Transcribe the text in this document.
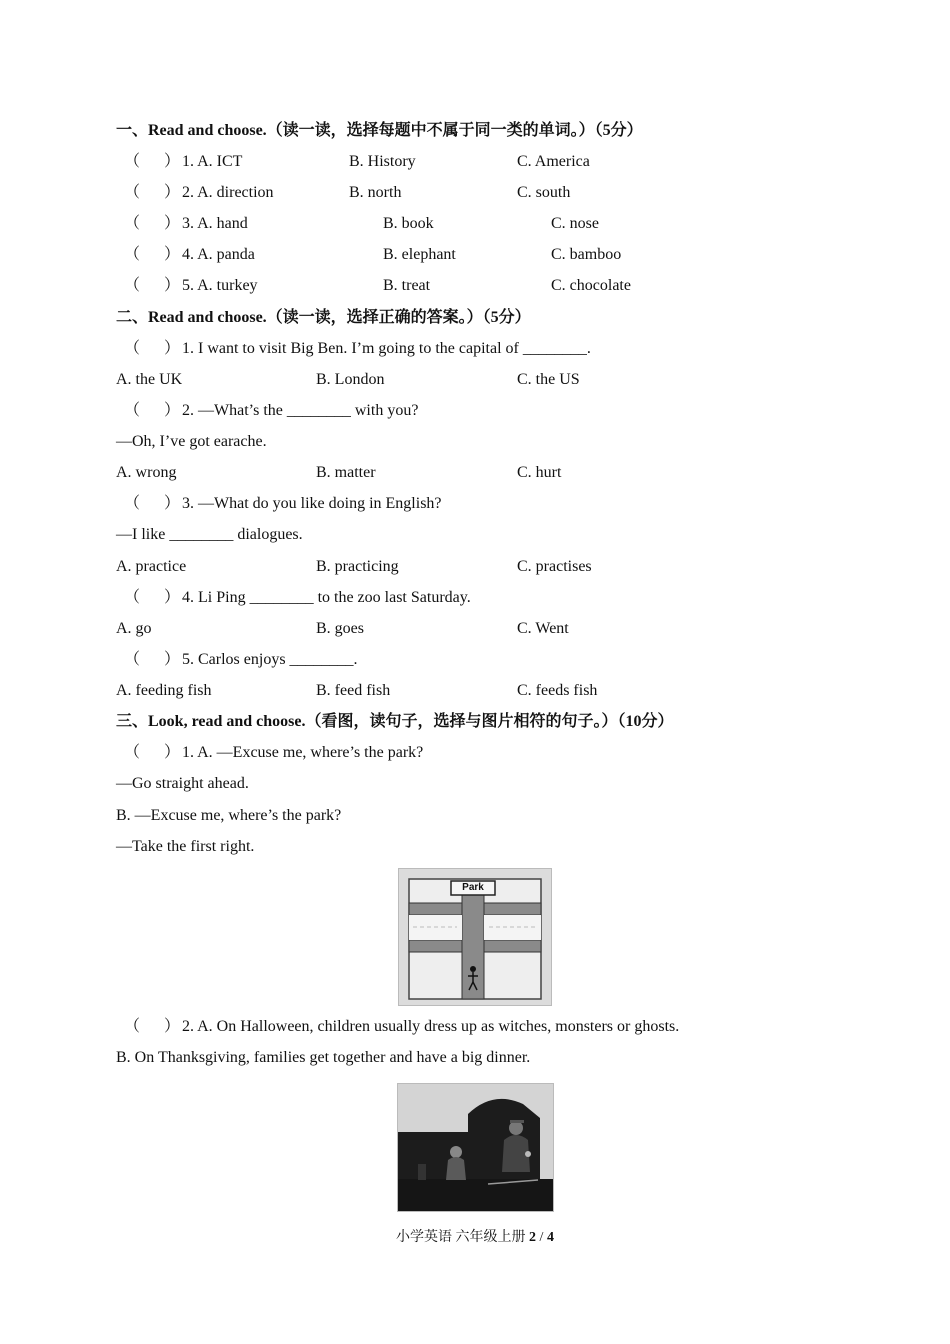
一、Read and choose.（读一读，选择每题中不属于同一类的单词。）（5分）
（ ） 1. A. ICT	B. History	C. America
（ ） 2. A. direction	B. north	C. south
（ ） 3. A. hand	B. book	C. nose
（ ） 4. A. panda	B. elephant	C. bamboo
（ ） 5. A. turkey	B. treat	C. chocolate
二、Read and choose.（读一读，选择正确的答案。）（5分）
（ ） 1. I want to visit Big Ben. I’m going to the capital of ________.
A. the UK	B. London	C. the US
（ ） 2. —What’s the ________ with you?
—Oh, I’ve got earache.
A. wrong	B. matter	C. hurt
（ ） 3. —What do you like doing in English?
—I like ________ dialogues.
A. practice	B. practicing	C. practises
（ ） 4. Li Ping ________ to the zoo last Saturday.
A. go	B. goes	C. Went
（ ） 5. Carlos enjoys ________.
A. feeding fish	B. feed fish	C. feeds fish
三、Look, read and choose.（看图，读句子，选择与图片相符的句子。）（10分）
（ ） 1. A. —Excuse me, where’s the park?
—Go straight ahead.
B. —Excuse me, where’s the park?
—Take the first right.
Park
（ ） 2. A. On Halloween, children usually dress up as witches, monsters or ghosts.
B. On Thanksgiving, families get together and have a big dinner.
小学英语 六年级上册 2 / 4
